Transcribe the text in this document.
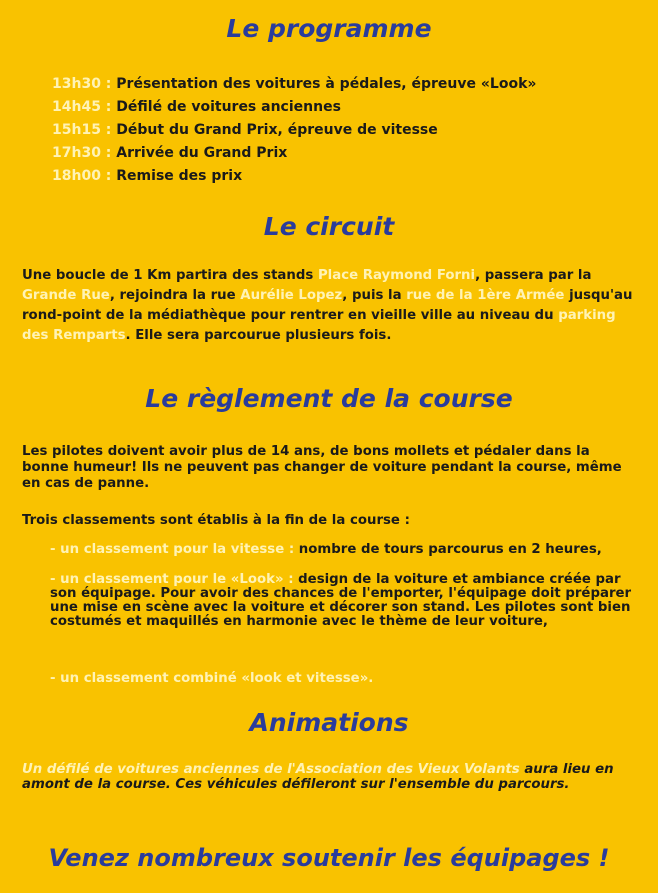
Le programme
13h30 : Présentation des voitures à pédales, épreuve «Look»
14h45 : Défilé de voitures anciennes
15h15 : Début du Grand Prix, épreuve de vitesse
17h30 : Arrivée du Grand Prix
18h00 : Remise des prix
Le circuit

Une boucle de 1 Km partira des stands Place Raymond Forni, passera par la Grande Rue, rejoindra la rue Aurélie Lopez, puis la rue de la 1ère Armée jusqu'au rond-point de la médiathèque pour rentrer en vieille ville au niveau du parking des Remparts. Elle sera parcourue plusieurs fois.

Le règlement de la course

Les pilotes doivent avoir plus de 14 ans, de bons mollets et pédaler dans la bonne humeur! Ils ne peuvent pas changer de voiture pendant la course, même en cas de panne.

Trois classements sont établis à la fin de la course :

- un classement pour la vitesse : nombre de tours parcourus en 2 heures,

- un classement pour le «Look» : design de la voiture et ambiance créée par son équipage. Pour avoir des chances de l'emporter, l'équipage doit préparer une mise en scène avec la voiture et décorer son stand. Les pilotes sont bien costumés et maquillés en harmonie avec le thème de leur voiture,

- un classement combiné «look et vitesse».

Animations

Un défilé de voitures anciennes de l'Association des Vieux Volants aura lieu en amont de la course. Ces véhicules défileront sur l'ensemble du parcours.

Venez nombreux soutenir les équipages !
